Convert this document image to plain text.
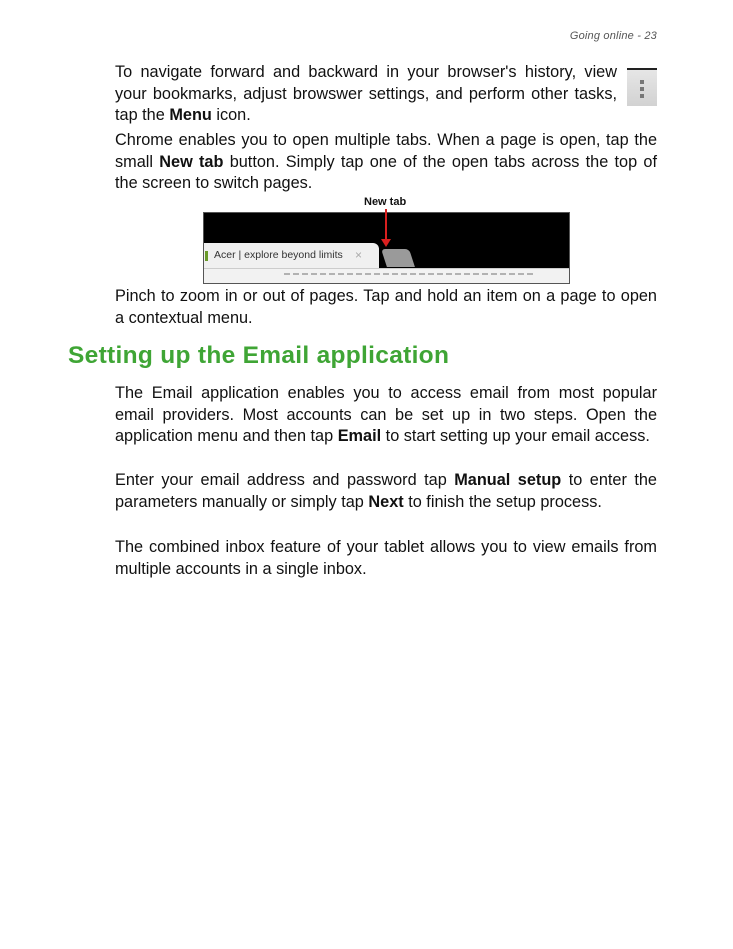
Going online - 23

To navigate forward and backward in your browser's history, view your bookmarks, adjust browswer settings, and perform other tasks, tap the Menu icon.

Chrome enables you to open multiple tabs. When a page is open, tap the small New tab button. Simply tap one of the open tabs across the top of the screen to switch pages.

New tab
Acer | explore beyond limits	×

Pinch to zoom in or out of pages. Tap and hold an item on a page to open a contextual menu.

Setting up the Email application

The Email application enables you to access email from most popular email providers. Most accounts can be set up in two steps. Open the application menu and then tap Email to start setting up your email access.

Enter your email address and password tap Manual setup to enter the parameters manually or simply tap Next to finish the setup process.

The combined inbox feature of your tablet allows you to view emails from multiple accounts in a single inbox.
